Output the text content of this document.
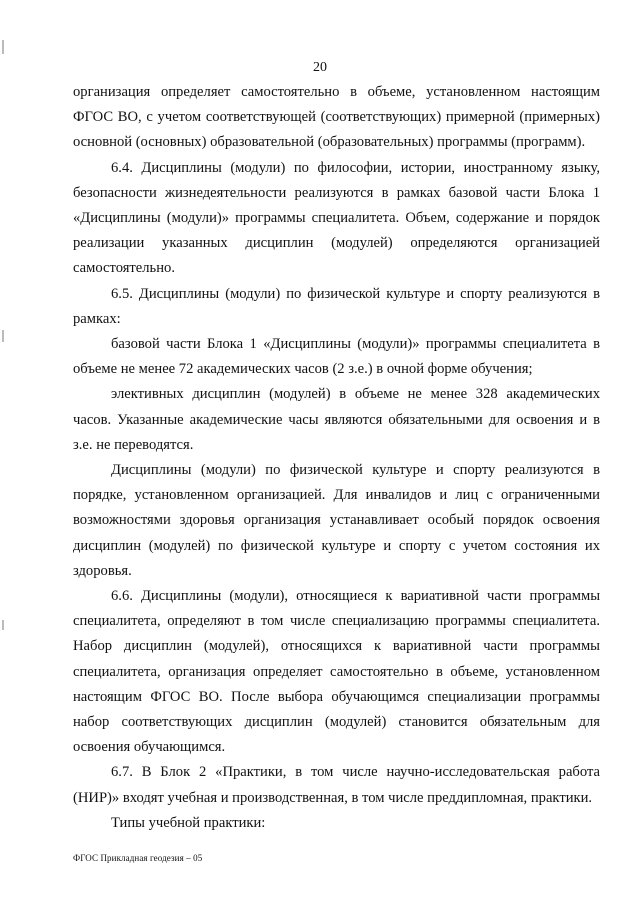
20

организация определяет самостоятельно в объеме, установленном настоящим ФГОС ВО, с учетом соответствующей (соответствующих) примерной (примерных) основной (основных) образовательной (образовательных) программы (программ).

6.4. Дисциплины (модули) по философии, истории, иностранному языку, безопасности жизнедеятельности реализуются в рамках базовой части Блока 1 «Дисциплины (модули)» программы специалитета. Объем, содержание и порядок реализации указанных дисциплин (модулей) определяются организацией самостоятельно.

6.5. Дисциплины (модули) по физической культуре и спорту реализуются в рамках:

базовой части Блока 1 «Дисциплины (модули)» программы специалитета в объеме не менее 72 академических часов (2 з.е.) в очной форме обучения;

элективных дисциплин (модулей) в объеме не менее 328 академических часов. Указанные академические часы являются обязательными для освоения и в з.е. не переводятся.

Дисциплины (модули) по физической культуре и спорту реализуются в порядке, установленном организацией. Для инвалидов и лиц с ограниченными возможностями здоровья организация устанавливает особый порядок освоения дисциплин (модулей) по физической культуре и спорту с учетом состояния их здоровья.

6.6. Дисциплины (модули), относящиеся к вариативной части программы специалитета, определяют в том числе специализацию программы специалитета. Набор дисциплин (модулей), относящихся к вариативной части программы специалитета, организация определяет самостоятельно в объеме, установленном настоящим ФГОС ВО. После выбора обучающимся специализации программы набор соответствующих дисциплин (модулей) становится обязательным для освоения обучающимся.

6.7. В Блок 2 «Практики, в том числе научно-исследовательская работа (НИР)» входят учебная и производственная, в том числе преддипломная, практики.

Типы учебной практики:

ФГОС Прикладная геодезия – 05
